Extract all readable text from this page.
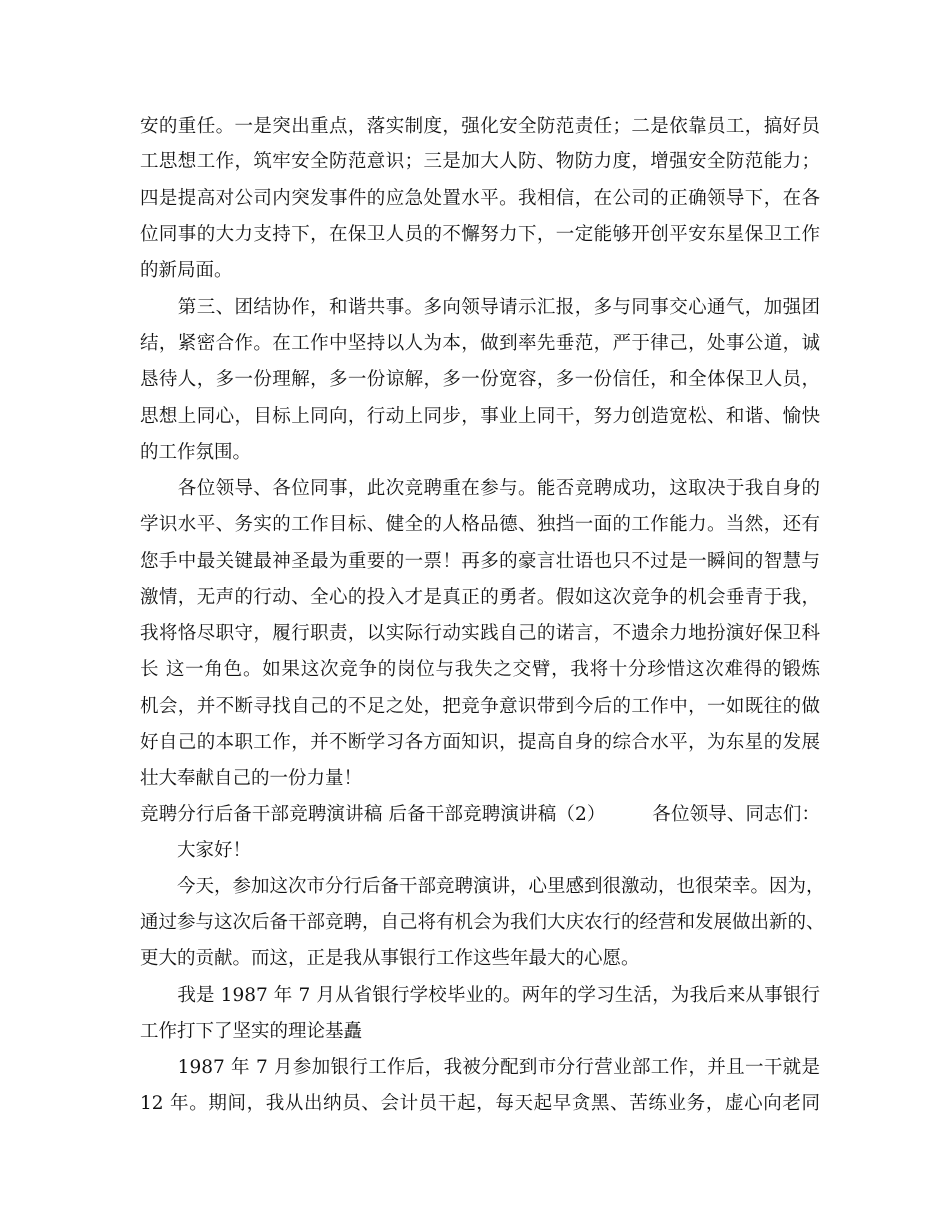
安的重任。一是突出重点，落实制度，强化安全防范责任；二是依靠员工，搞好员
工思想工作，筑牢安全防范意识；三是加大人防、物防力度，增强安全防范能力；
四是提高对公司内突发事件的应急处置水平。我相信，在公司的正确领导下，在各
位同事的大力支持下，在保卫人员的不懈努力下，一定能够开创平安东星保卫工作
的新局面。
　　第三、团结协作，和谐共事。多向领导请示汇报，多与同事交心通气，加强团
结，紧密合作。在工作中坚持以人为本，做到率先垂范，严于律己，处事公道，诚
恳待人，多一份理解，多一份谅解，多一份宽容，多一份信任，和全体保卫人员，
思想上同心，目标上同向，行动上同步，事业上同干，努力创造宽松、和谐、愉快
的工作氛围。
　　各位领导、各位同事，此次竞聘重在参与。能否竞聘成功，这取决于我自身的
学识水平、务实的工作目标、健全的人格品德、独挡一面的工作能力。当然，还有
您手中最关键最神圣最为重要的一票！再多的豪言壮语也只不过是一瞬间的智慧与
激情，无声的行动、全心的投入才是真正的勇者。假如这次竞争的机会垂青于我，
我将恪尽职守，履行职责，以实际行动实践自己的诺言，不遗余力地扮演好保卫科
长 这一角色。如果这次竞争的岗位与我失之交臂，我将十分珍惜这次难得的锻炼
机会，并不断寻找自己的不足之处，把竞争意识带到今后的工作中，一如既往的做
好自己的本职工作，并不断学习各方面知识，提高自身的综合水平，为东星的发展
壮大奉献自己的一份力量！
竞聘分行后备干部竞聘演讲稿 后备干部竞聘演讲稿（2）　　　各位领导、同志们：
　　大家好！
　　今天，参加这次市分行后备干部竞聘演讲，心里感到很激动，也很荣幸。因为，
通过参与这次后备干部竞聘，自己将有机会为我们大庆农行的经营和发展做出新的、
更大的贡献。而这，正是我从事银行工作这些年最大的心愿。
　　我是 1987 年 7 月从省银行学校毕业的。两年的学习生活，为我后来从事银行
工作打下了坚实的理论基矗
　　1987 年 7 月参加银行工作后，我被分配到市分行营业部工作，并且一干就是
12 年。期间，我从出纳员、会计员干起，每天起早贪黑、苦练业务，虚心向老同
